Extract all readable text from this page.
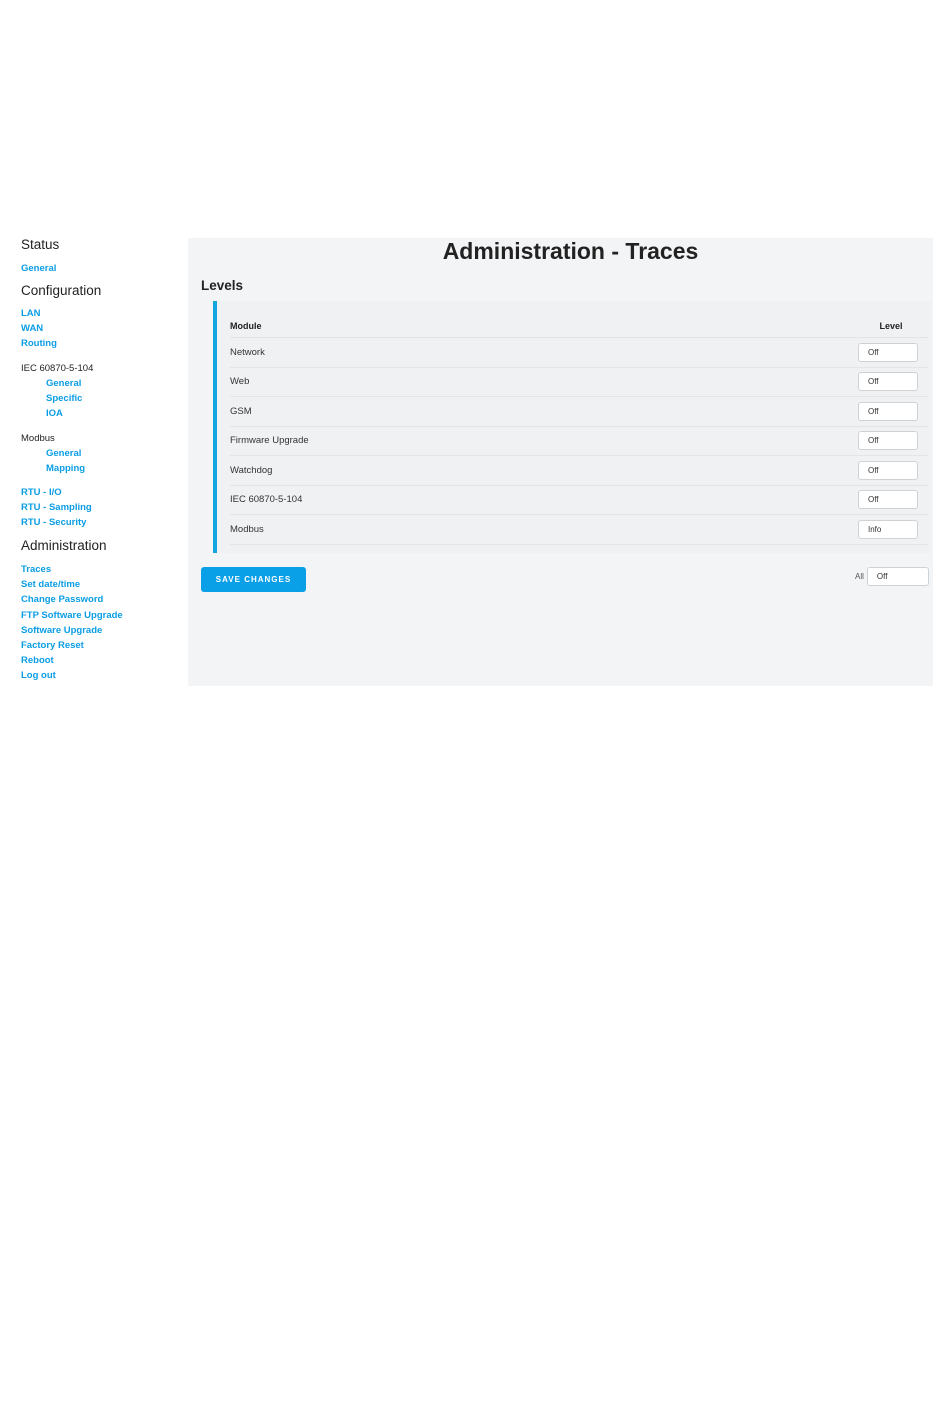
Status

General

Configuration

LAN
WAN
Routing
IEC 60870-5-104
General
Specific
IOA
Modbus
General
Mapping
RTU - I/O
RTU - Sampling
RTU - Security

Administration

Traces
Set date/time
Change Password
FTP Software Upgrade
Software Upgrade
Factory Reset
Reboot
Log out
Administration - Traces
Levels
Module	Level
Network	Off
Web	Off
GSM	Off
Firmware Upgrade	Off
Watchdog	Off
IEC 60870-5-104	Off
Modbus	Info
SAVE CHANGES	All	Off
